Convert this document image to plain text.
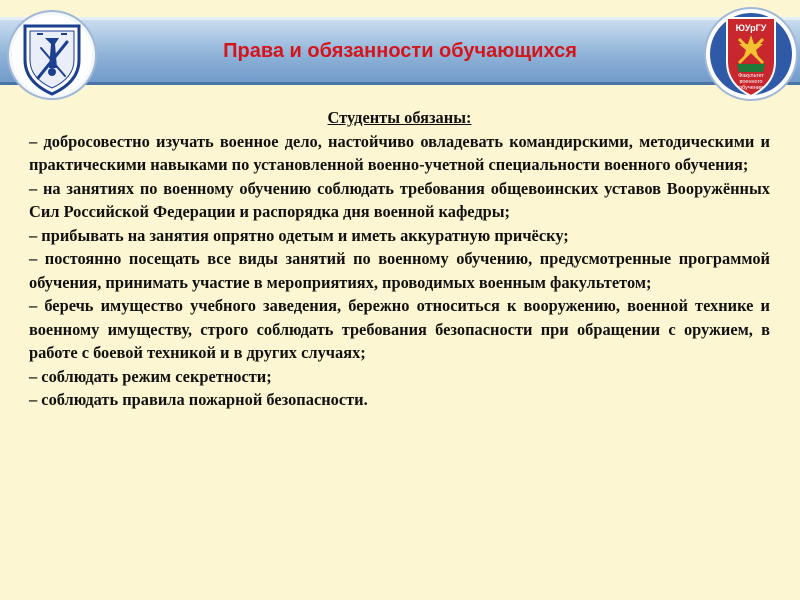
Права и обязанности обучающихся
ЮУрГУ
Факультет
военного
обучения
Студенты обязаны:

– добросовестно изучать военное дело, настойчиво овладевать командирскими, методическими и практическими навыками по установленной военно-учетной специальности военного обучения;

– на занятиях по военному обучению соблюдать требования общевоинских уставов Вооружённых Сил Российской Федерации и распорядка дня военной кафедры;

– прибывать на занятия опрятно одетым и иметь аккуратную причёску;

– постоянно посещать все виды занятий по военному обучению, предусмотренные программой обучения, принимать участие в мероприятиях, проводимых военным факультетом;

– беречь имущество учебного заведения, бережно относиться к вооружению, военной технике и военному имуществу, строго соблюдать требования безопасности при обращении с оружием, в работе с боевой техникой и в других случаях;

– соблюдать режим секретности;

– соблюдать правила пожарной безопасности.
